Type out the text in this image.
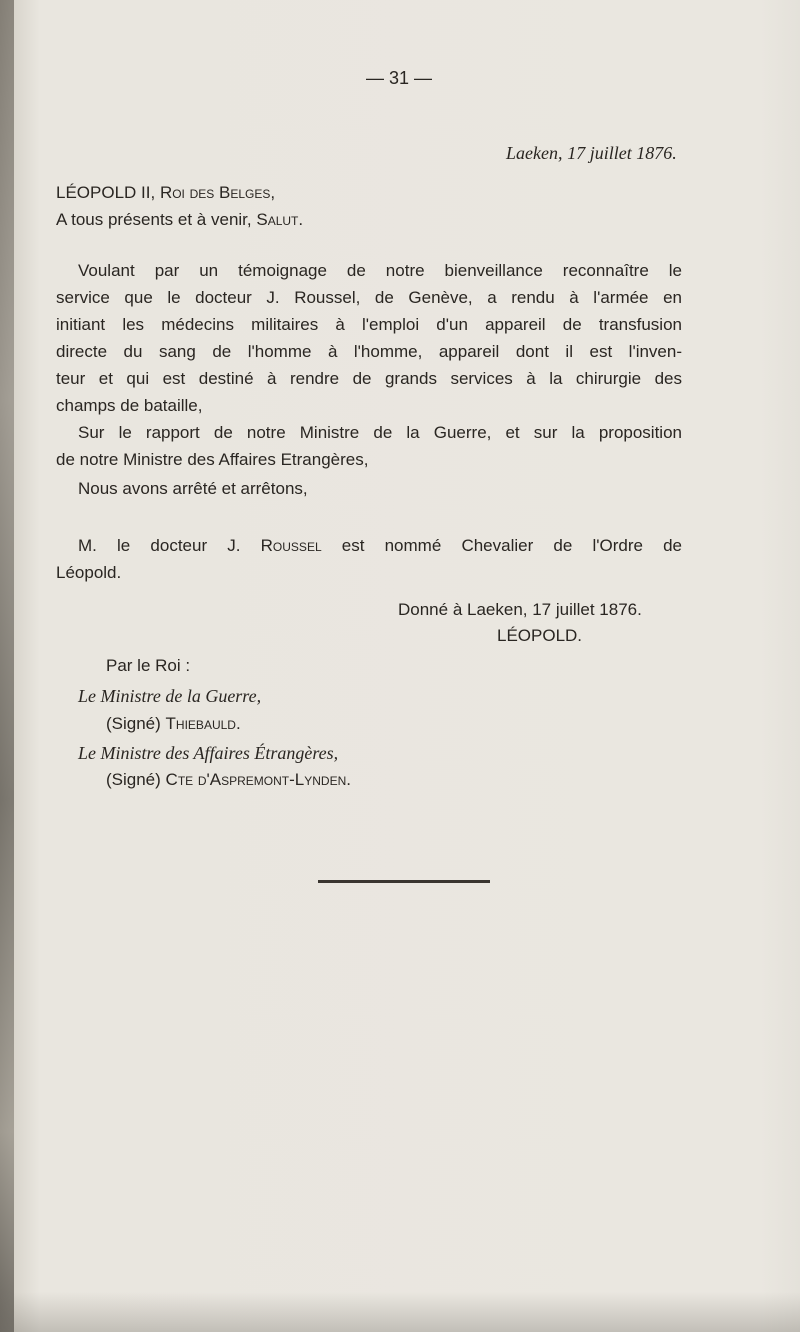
— 31 —
Laeken, 17 juillet 1876.
LÉOPOLD II, Roi des Belges,
A tous présents et à venir, Salut.
Voulant par un témoignage de notre bienveillance reconnaître le
service que le docteur J. Roussel, de Genève, a rendu à l'armée en
initiant les médecins militaires à l'emploi d'un appareil de transfusion
directe du sang de l'homme à l'homme, appareil dont il est l'inven-
teur et qui est destiné à rendre de grands services à la chirurgie des
champs de bataille,
Sur le rapport de notre Ministre de la Guerre, et sur la proposition
de notre Ministre des Affaires Etrangères,
Nous avons arrêté et arrêtons,
M. le docteur J. Roussel est nommé Chevalier de l'Ordre de
Léopold.
Donné à Laeken, 17 juillet 1876.
LÉOPOLD.
Par le Roi :
Le Ministre de la Guerre,
(Signé) Thiebauld.
Le Ministre des Affaires Étrangères,
(Signé) Cte d'Aspremont-Lynden.
